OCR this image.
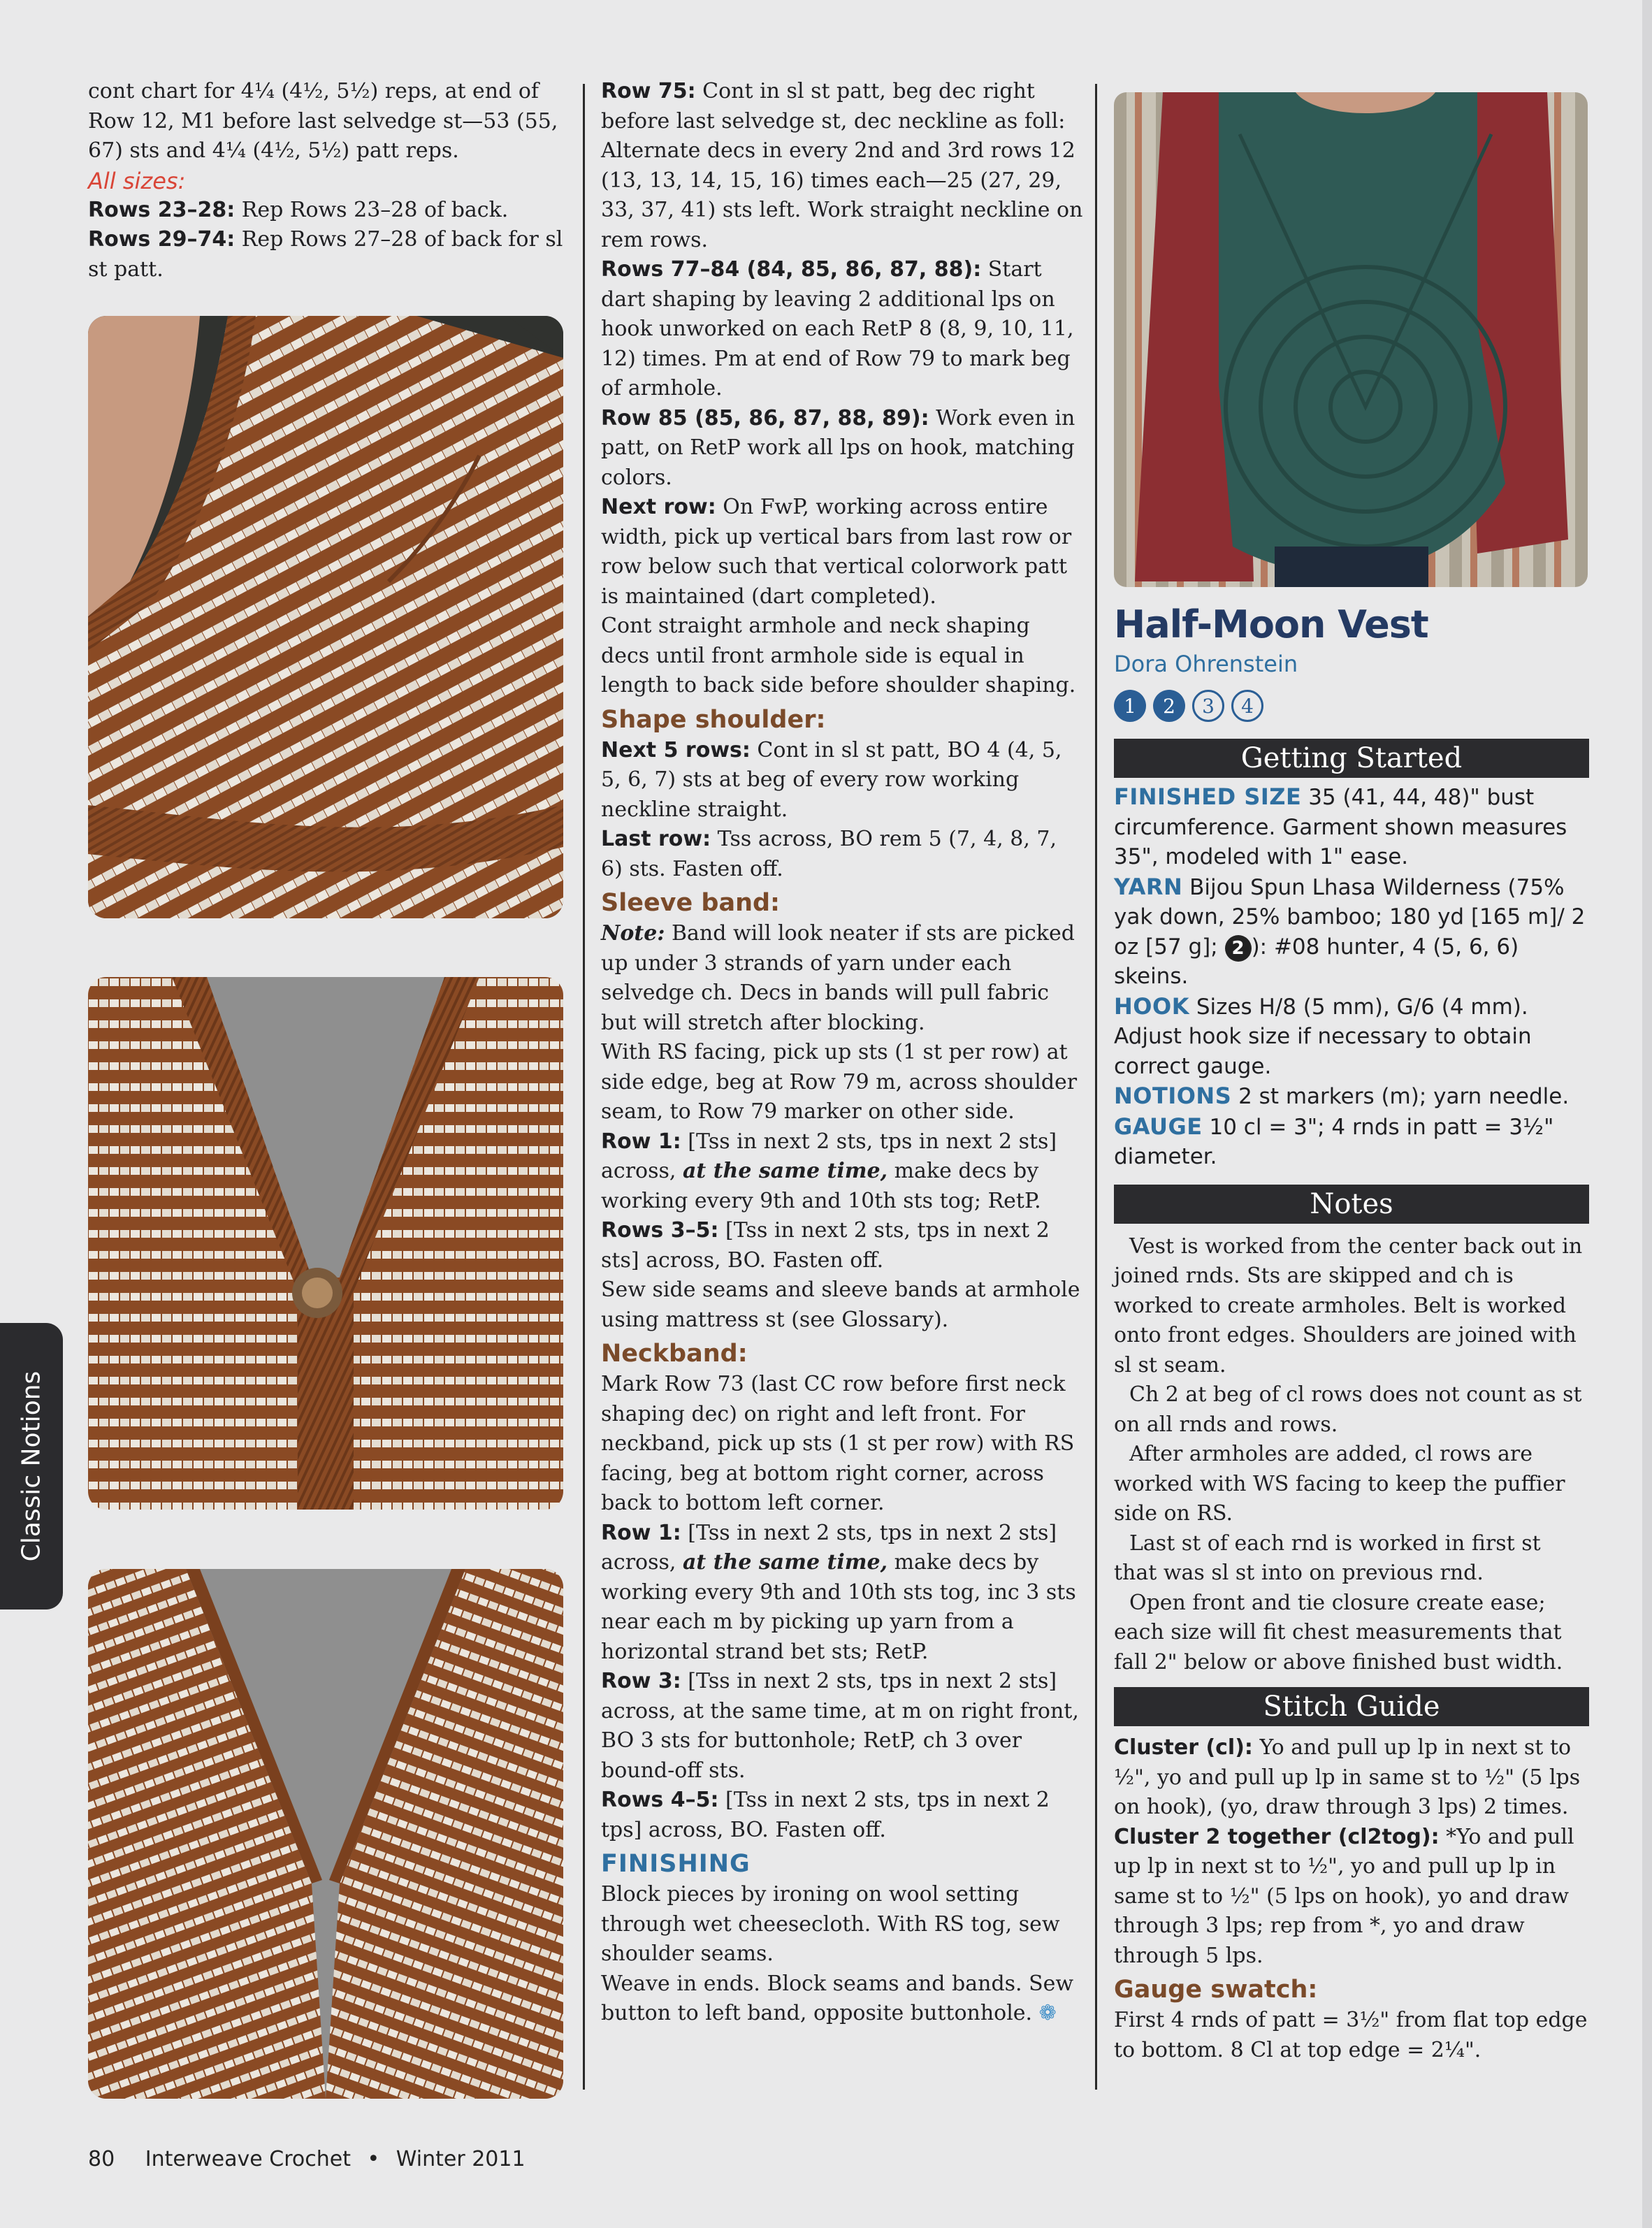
cont chart for 4¼ (4½, 5½) reps, at end of Row 12, M1 before last selvedge st—53 (55, 67) sts and 4¼ (4½, 5½) patt reps.

All sizes:

Rows 23–28: Rep Rows 23–28 of back.

Rows 29–74: Rep Rows 27–28 of back for sl st patt.

Row 75: Cont in sl st patt, beg dec right before last selvedge st, dec neckline as foll: Alternate decs in every 2nd and 3rd rows 12 (13, 13, 14, 15, 16) times each—25 (27, 29, 33, 37, 41) sts left. Work straight neckline on rem rows.

Rows 77–84 (84, 85, 86, 87, 88): Start dart shaping by leaving 2 additional lps on hook unworked on each RetP 8 (8, 9, 10, 11, 12) times. Pm at end of Row 79 to mark beg of armhole.

Row 85 (85, 86, 87, 88, 89): Work even in patt, on RetP work all lps on hook, matching colors.

Next row: On FwP, working across entire width, pick up vertical bars from last row or row below such that vertical colorwork patt is maintained (dart completed).

Cont straight armhole and neck shaping decs until front armhole side is equal in length to back side before shoulder shaping.

Shape shoulder:

Next 5 rows: Cont in sl st patt, BO 4 (4, 5, 5, 6, 7) sts at beg of every row working neckline straight.

Last row: Tss across, BO rem 5 (7, 4, 8, 7, 6) sts. Fasten off.

Sleeve band:

Note: Band will look neater if sts are picked up under 3 strands of yarn under each selvedge ch. Decs in bands will pull fabric but will stretch after blocking.

With RS facing, pick up sts (1 st per row) at side edge, beg at Row 79 m, across shoulder seam, to Row 79 marker on other side.

Row 1: [Tss in next 2 sts, tps in next 2 sts] across, at the same time, make decs by working every 9th and 10th sts tog; RetP.

Rows 3–5: [Tss in next 2 sts, tps in next 2 sts] across, BO. Fasten off.

Sew side seams and sleeve bands at armhole using mattress st (see Glossary).

Neckband:

Mark Row 73 (last CC row before first neck shaping dec) on right and left front. For neckband, pick up sts (1 st per row) with RS facing, beg at bottom right corner, across back to bottom left corner.

Row 1: [Tss in next 2 sts, tps in next 2 sts] across, at the same time, make decs by working every 9th and 10th sts tog, inc 3 sts near each m by picking up yarn from a horizontal strand bet sts; RetP.

Row 3: [Tss in next 2 sts, tps in next 2 sts] across, at the same time, at m on right front, BO 3 sts for buttonhole; RetP, ch 3 over bound-off sts.

Rows 4–5: [Tss in next 2 sts, tps in next 2 tps] across, BO. Fasten off.

FINISHING

Block pieces by ironing on wool setting through wet cheesecloth. With RS tog, sew shoulder seams.

Weave in ends. Block seams and bands. Sew button to left band, opposite buttonhole. ❁

Half-Moon Vest

Dora Ohrenstein

1	2	3	4

Getting Started

FINISHED SIZE 35 (41, 44, 48)" bust circumference. Garment shown measures 35", modeled with 1" ease.

YARN Bijou Spun Lhasa Wilderness (75% yak down, 25% bamboo; 180 yd [165 m]/ 2 oz [57 g]; 2 ): #08 hunter, 4 (5, 6, 6) skeins.

HOOK Sizes H/8 (5 mm), G/6 (4 mm). Adjust hook size if necessary to obtain correct gauge.

NOTIONS 2 st markers (m); yarn needle.

GAUGE 10 cl = 3"; 4 rnds in patt = 3½" diameter.

Notes

Vest is worked from the center back out in joined rnds. Sts are skipped and ch is worked to create armholes. Belt is worked onto front edges. Shoulders are joined with sl st seam.

Ch 2 at beg of cl rows does not count as st on all rnds and rows.

After armholes are added, cl rows are worked with WS facing to keep the puffier side on RS.

Last st of each rnd is worked in first st that was sl st into on previous rnd.

Open front and tie closure create ease; each size will fit chest measurements that fall 2" below or above finished bust width.

Stitch Guide

Cluster (cl): Yo and pull up lp in next st to ½", yo and pull up lp in same st to ½" (5 lps on hook), (yo, draw through 3 lps) 2 times.

Cluster 2 together (cl2tog): *Yo and pull up lp in next st to ½", yo and pull up lp in same st to ½" (5 lps on hook), yo and draw through 3 lps; rep from *, yo and draw through 5 lps.

Gauge swatch:

First 4 rnds of patt = 3½" from flat top edge to bottom. 8 Cl at top edge = 2¼".

Classic Notions
80 Interweave Crochet • Winter 2011
